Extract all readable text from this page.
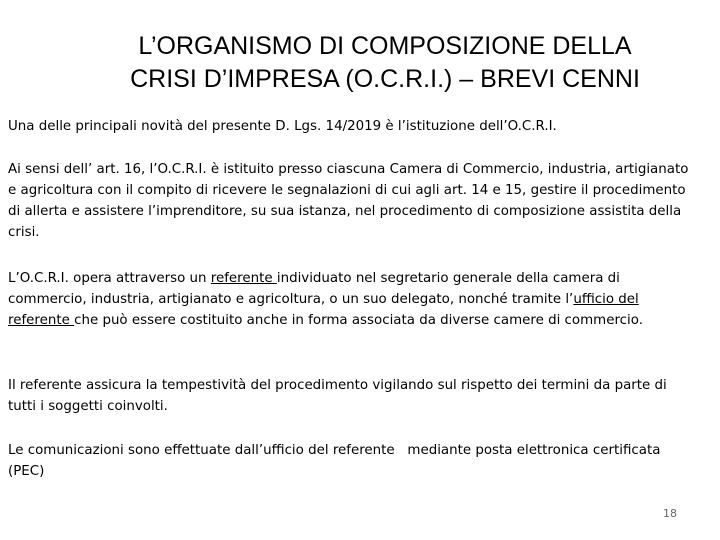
L’ORGANISMO DI COMPOSIZIONE DELLA
CRISI D’IMPRESA (O.C.R.I.) – BREVI CENNI
Una delle principali novità del presente D. Lgs. 14/2019 è l’istituzione dell’O.C.R.I.
Ai sensi dell’ art. 16, l’O.C.R.I. è istituito presso ciascuna Camera di Commercio, industria, artigianato e agricoltura con il compito di ricevere le segnalazioni di cui agli art. 14 e 15, gestire il procedimento di allerta e assistere l’imprenditore, su sua istanza, nel procedimento di composizione assistita della crisi.
L’O.C.R.I. opera attraverso un referente individuato nel segretario generale della camera di commercio, industria, artigianato e agricoltura, o un suo delegato, nonché tramite l’ufficio del referente che può essere costituito anche in forma associata da diverse camere di commercio.
Il referente assicura la tempestività del procedimento vigilando sul rispetto dei termini da parte di tutti i soggetti coinvolti.
Le comunicazioni sono effettuate dall’ufficio del referente   mediante posta elettronica certificata (PEC)
18
